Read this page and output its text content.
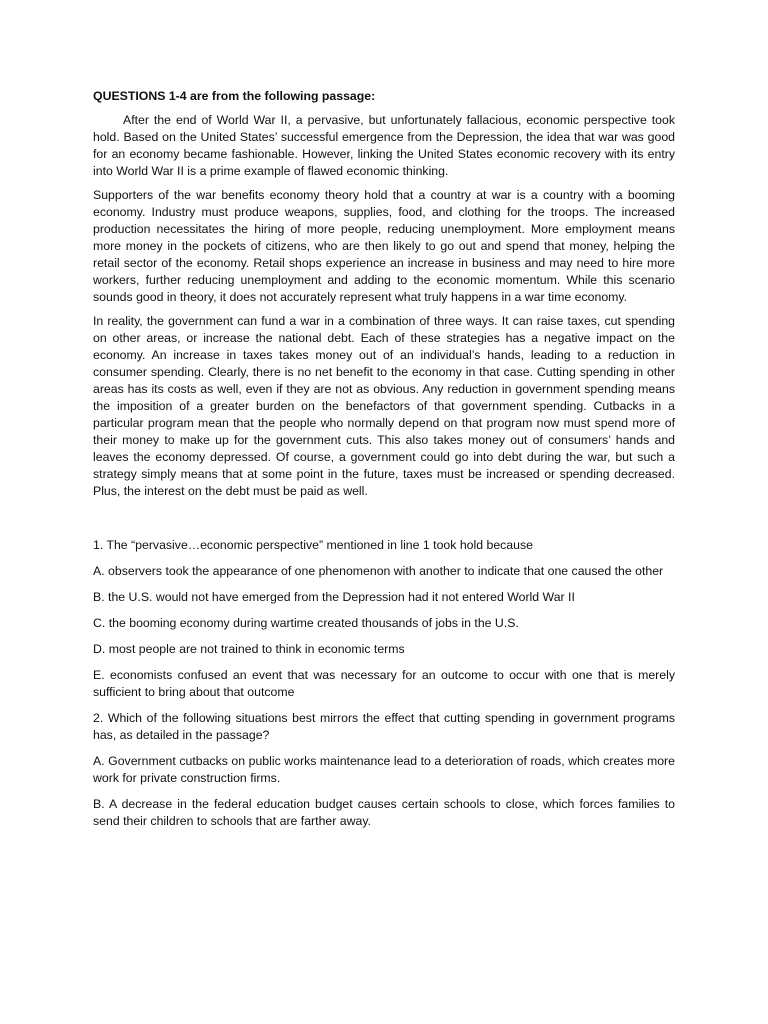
QUESTIONS 1-4 are from the following passage:

After the end of World War II, a pervasive, but unfortunately fallacious, economic perspective took hold. Based on the United States’ successful emergence from the Depression, the idea that war was good for an economy became fashionable. However, linking the United States economic recovery with its entry into World War II is a prime example of flawed economic thinking.

Supporters of the war benefits economy theory hold that a country at war is a country with a booming economy. Industry must produce weapons, supplies, food, and clothing for the troops. The increased production necessitates the hiring of more people, reducing unemployment. More employment means more money in the pockets of citizens, who are then likely to go out and spend that money, helping the retail sector of the economy. Retail shops experience an increase in business and may need to hire more workers, further reducing unemployment and adding to the economic momentum. While this scenario sounds good in theory, it does not accurately represent what truly happens in a war time economy.

In reality, the government can fund a war in a combination of three ways. It can raise taxes, cut spending on other areas, or increase the national debt. Each of these strategies has a negative impact on the economy. An increase in taxes takes money out of an individual’s hands, leading to a reduction in consumer spending. Clearly, there is no net benefit to the economy in that case. Cutting spending in other areas has its costs as well, even if they are not as obvious. Any reduction in government spending means the imposition of a greater burden on the benefactors of that government spending. Cutbacks in a particular program mean that the people who normally depend on that program now must spend more of their money to make up for the government cuts. This also takes money out of consumers’ hands and leaves the economy depressed. Of course, a government could go into debt during the war, but such a strategy simply means that at some point in the future, taxes must be increased or spending decreased. Plus, the interest on the debt must be paid as well.

1. The “pervasive…economic perspective” mentioned in line 1 took hold because

A. observers took the appearance of one phenomenon with another to indicate that one caused the other

B. the U.S. would not have emerged from the Depression had it not entered World War II

C. the booming economy during wartime created thousands of jobs in the U.S.

D. most people are not trained to think in economic terms

E. economists confused an event that was necessary for an outcome to occur with one that is merely sufficient to bring about that outcome

2. Which of the following situations best mirrors the effect that cutting spending in government programs has, as detailed in the passage?

A. Government cutbacks on public works maintenance lead to a deterioration of roads, which creates more work for private construction firms.

B. A decrease in the federal education budget causes certain schools to close, which forces families to send their children to schools that are farther away.
